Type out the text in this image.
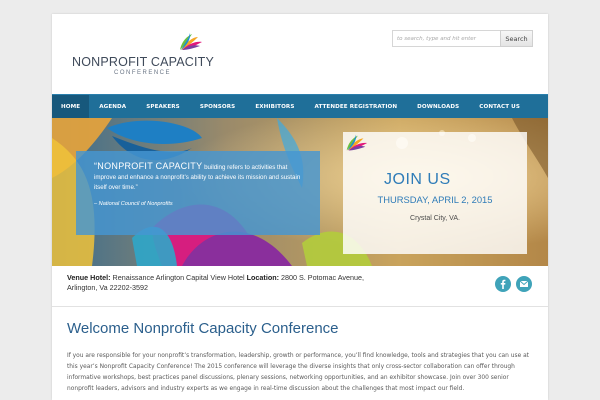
NONPROFIT CAPACITY
CONFERENCE
to search, type and hit enter
Search
HOME	AGENDA	SPEAKERS	SPONSORS	EXHIBITORS	ATTENDEE REGISTRATION	DOWNLOADS	CONTACT US
“NONPROFIT CAPACITY building refers to activities that improve and enhance a nonprofit’s ability to achieve its mission and sustain itself over time.”
– National Council of Nonprofits
JOIN US
THURSDAY, APRIL 2, 2015
Crystal City, VA.
Venue Hotel: Renaissance Arlington Capital View Hotel Location: 2800 S. Potomac Avenue, Arlington, Va 22202-3592
Welcome Nonprofit Capacity Conference
If you are responsible for your nonprofit’s transformation, leadership, growth or performance, you’ll find knowledge, tools and strategies that you can use at this year’s Nonprofit Capacity Conference! The 2015 conference will leverage the diverse insights that only cross-sector collaboration can offer through informative workshops, best practices panel discussions, plenary sessions, networking opportunities, and an exhibitor showcase. Join over 300 senior nonprofit leaders, advisors and industry experts as we engage in real-time discussion about the challenges that most impact our field.
